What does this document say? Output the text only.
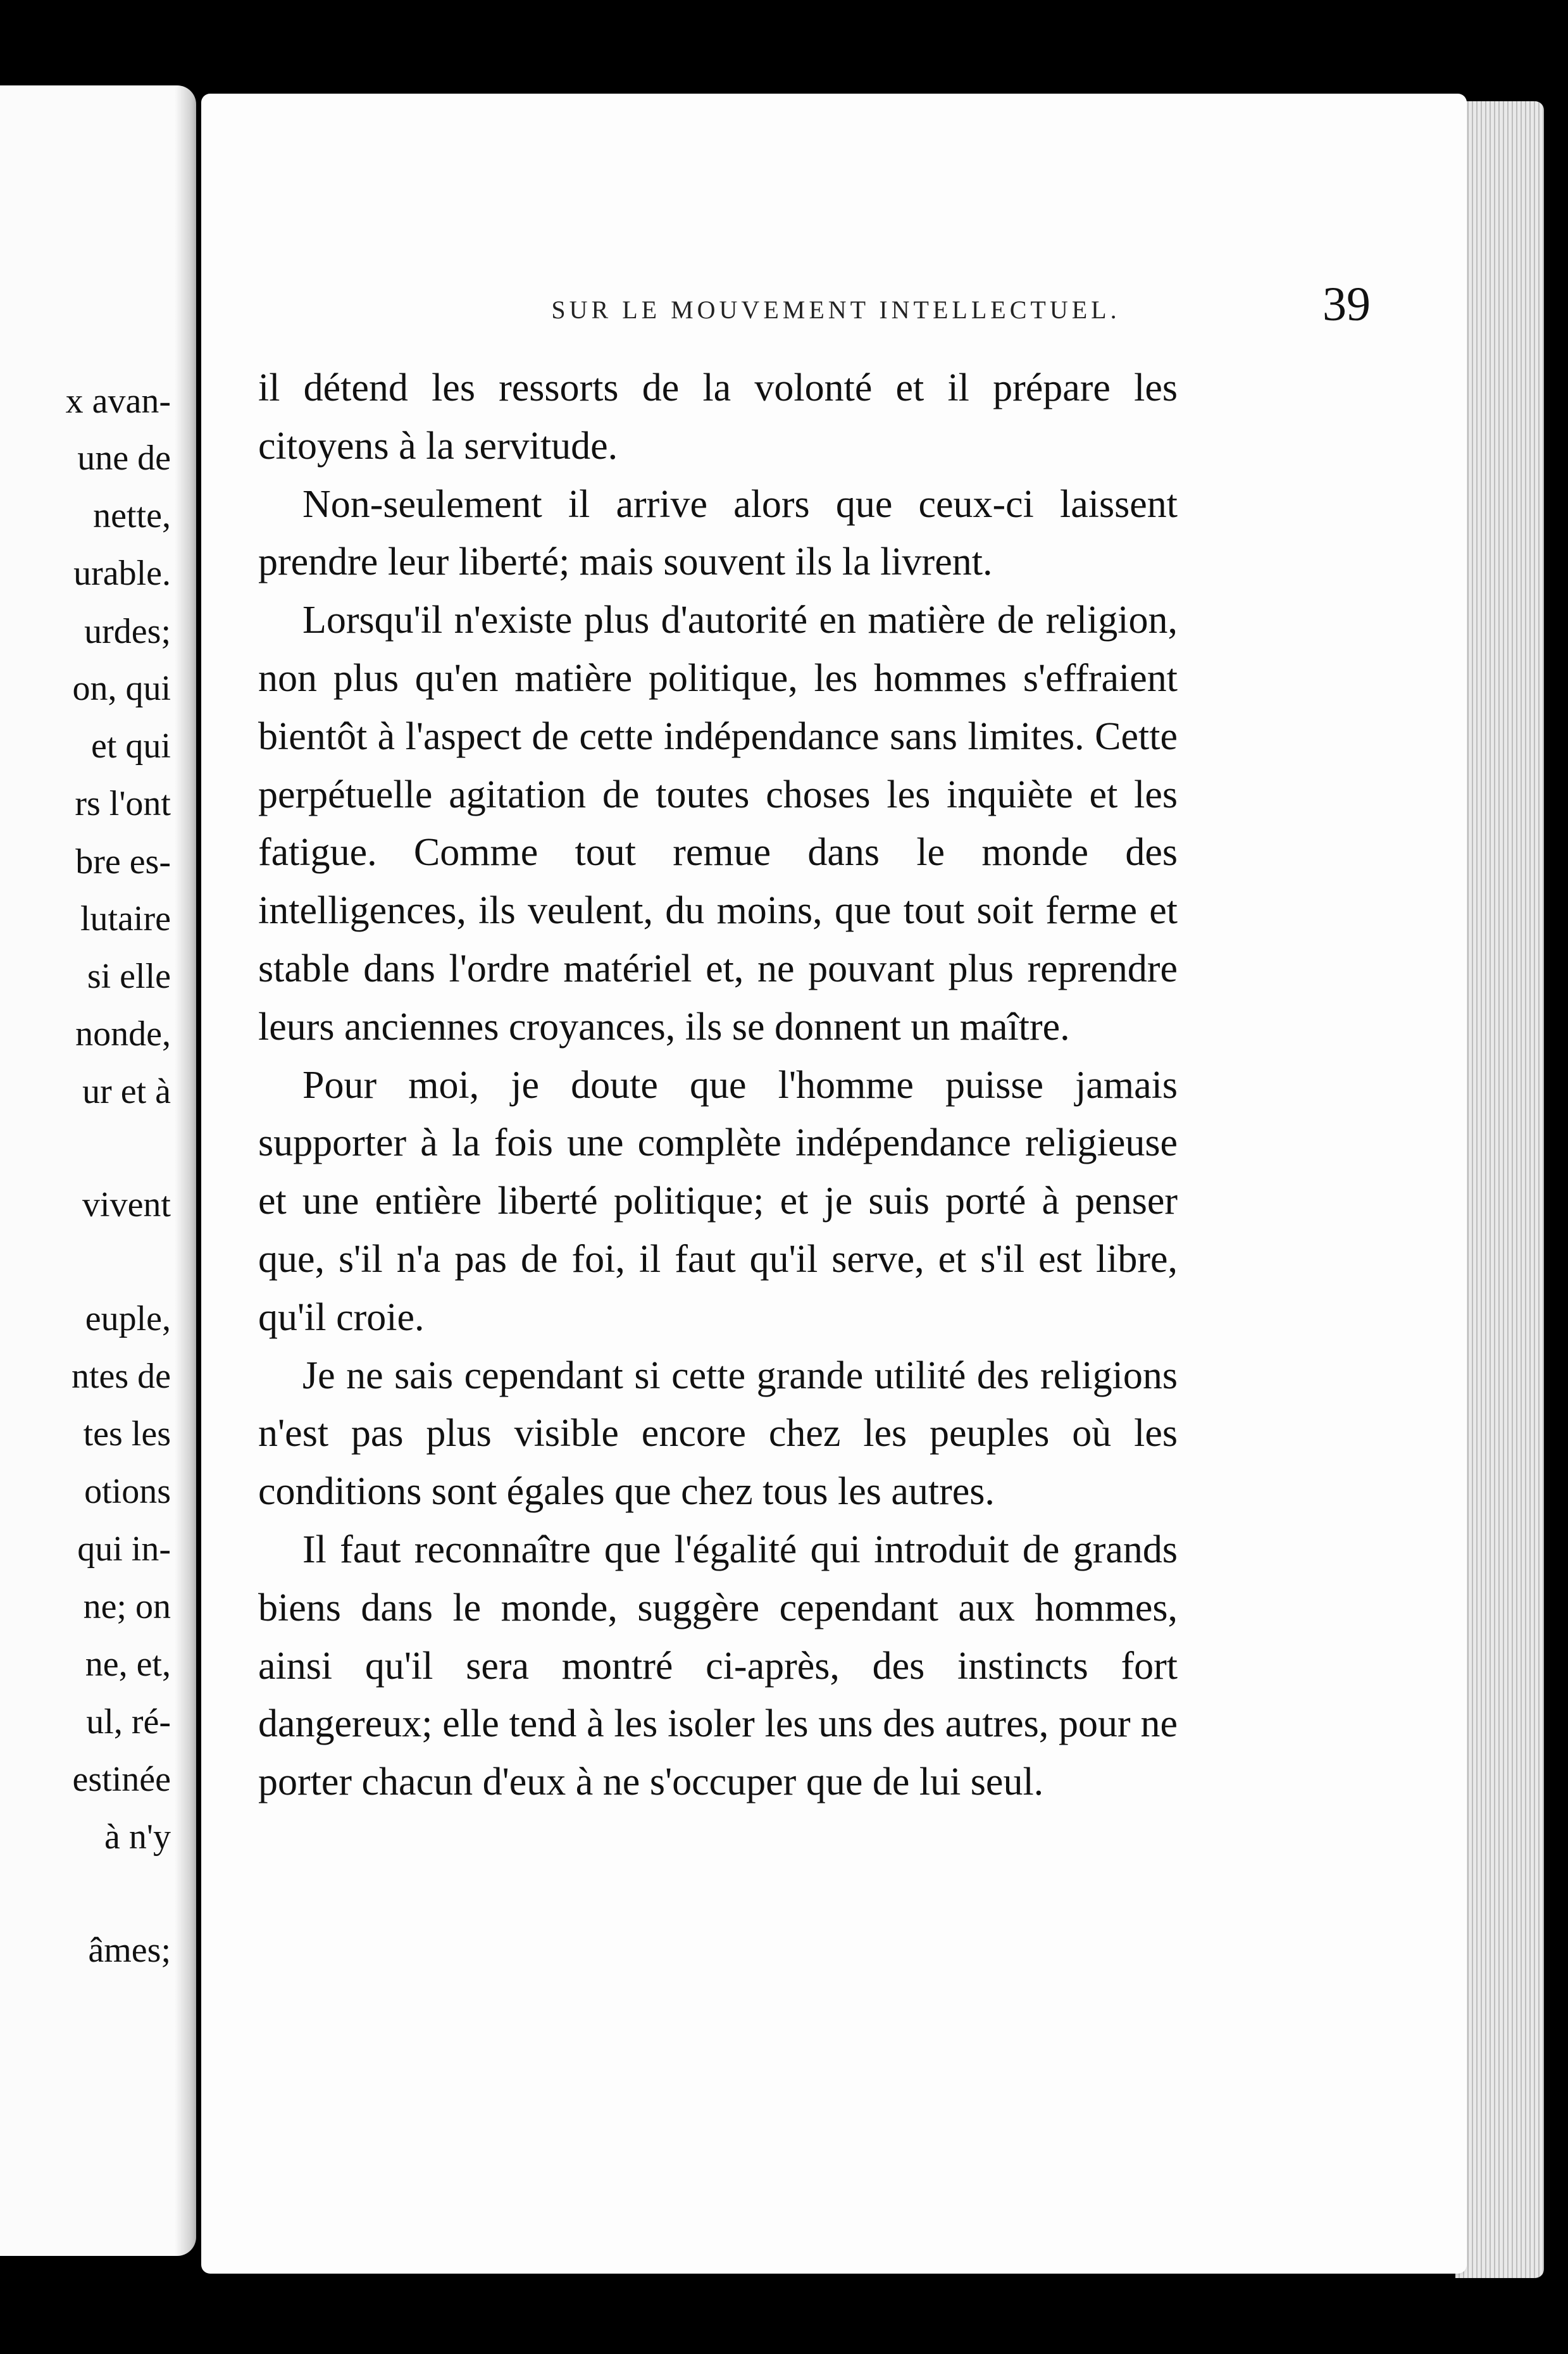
x avan-
une de
nette,
urable.
urdes;
on, qui
et qui
rs l'ont
bre es-
lutaire
si elle
nonde,
ur et à
vivent
euple,
ntes de
tes les
otions
qui in-
ne; on
ne, et,
ul, ré-
estinée
à n'y
âmes;
SUR LE MOUVEMENT INTELLECTUEL.	39

il détend les ressorts de la volonté et il prépare les citoyens à la servitude.

Non-seulement il arrive alors que ceux-ci laissent prendre leur liberté; mais souvent ils la livrent.

Lorsqu'il n'existe plus d'autorité en matière de religion, non plus qu'en matière politique, les hommes s'effraient bientôt à l'aspect de cette indépendance sans limites. Cette perpétuelle agitation de toutes choses les inquiète et les fatigue. Comme tout remue dans le monde des intelligences, ils veulent, du moins, que tout soit ferme et stable dans l'ordre matériel et, ne pouvant plus reprendre leurs anciennes croyances, ils se donnent un maître.

Pour moi, je doute que l'homme puisse jamais supporter à la fois une complète indépendance religieuse et une entière liberté politique; et je suis porté à penser que, s'il n'a pas de foi, il faut qu'il serve, et s'il est libre, qu'il croie.

Je ne sais cependant si cette grande utilité des religions n'est pas plus visible encore chez les peuples où les conditions sont égales que chez tous les autres.

Il faut reconnaître que l'égalité qui introduit de grands biens dans le monde, suggère cependant aux hommes, ainsi qu'il sera montré ci-après, des instincts fort dangereux; elle tend à les isoler les uns des autres, pour ne porter chacun d'eux à ne s'occuper que de lui seul.
